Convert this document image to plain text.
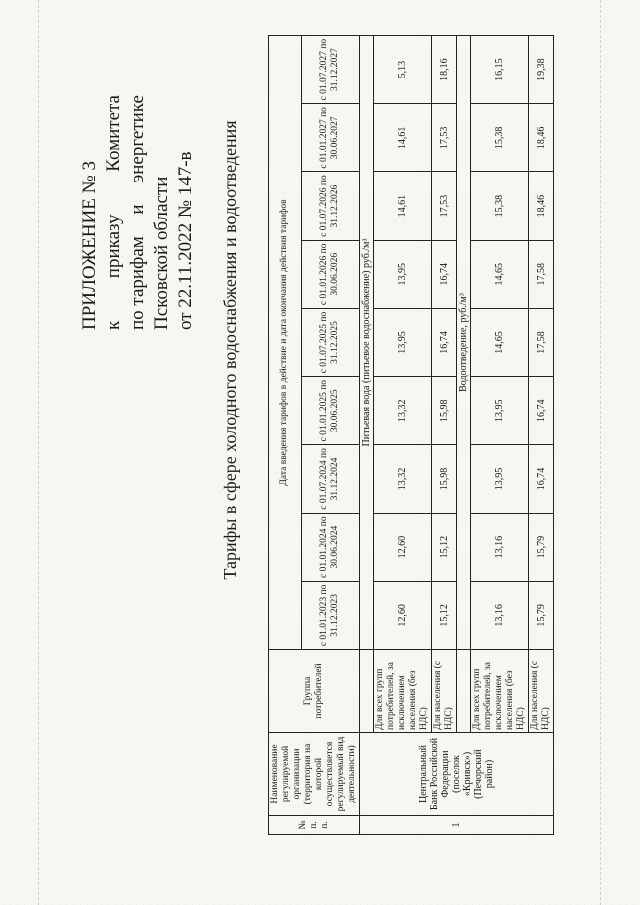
ПРИЛОЖЕНИЕ № 3 к
приказу
Комитета
по тарифам
и
энергетике
Псковской области от 22.11.2022 № 147-в Тарифы в сфере холодного водоснабжения и водоотведения
№ п. п.	Наименование регулируемой организации (территория на которой осуществляется регулируемый вид деятельности)	Группа потребителей	Дата введения тарифов в действие и дата окончания действия тарифов								
			с 01.01.2023 по 31.12.2023	с 01.01.2024 по 30.06.2024	с 01.07.2024 по 31.12.2024	с 01.01.2025 по 30.06.2025	с 01.07.2025 по 31.12.2025	с 01.01.2026 по 30.06.2026	с 01.07.2026 по 31.12.2026	с 01.01.2027 по 30.06.2027	с 01.07.2027 по 31.12.2027
1	Центральный Банк Российской Федерации (поселок «Кривск») (Печорский район)		Питьевая вода (питьевое водоснабжение) руб./м³								
		Для всех групп потребителей, за исключением населения (без НДС)	12,60	12,60	13,32	13,32	13,95	13,95	14,61	14,61	5,13
		Для населения (с НДС)	15,12	15,12	15,98	15,98	16,74	16,74	17,53	17,53	18,16
			Водоотведение, руб./м³								
		Для всех групп потребителей, за исключением населения (без НДС)	13,16	13,16	13,95	13,95	14,65	14,65	15,38	15,38	16,15
		Для населения (с НДС)	15,79	15,79	16,74	16,74	17,58	17,58	18,46	18,46	19,38
